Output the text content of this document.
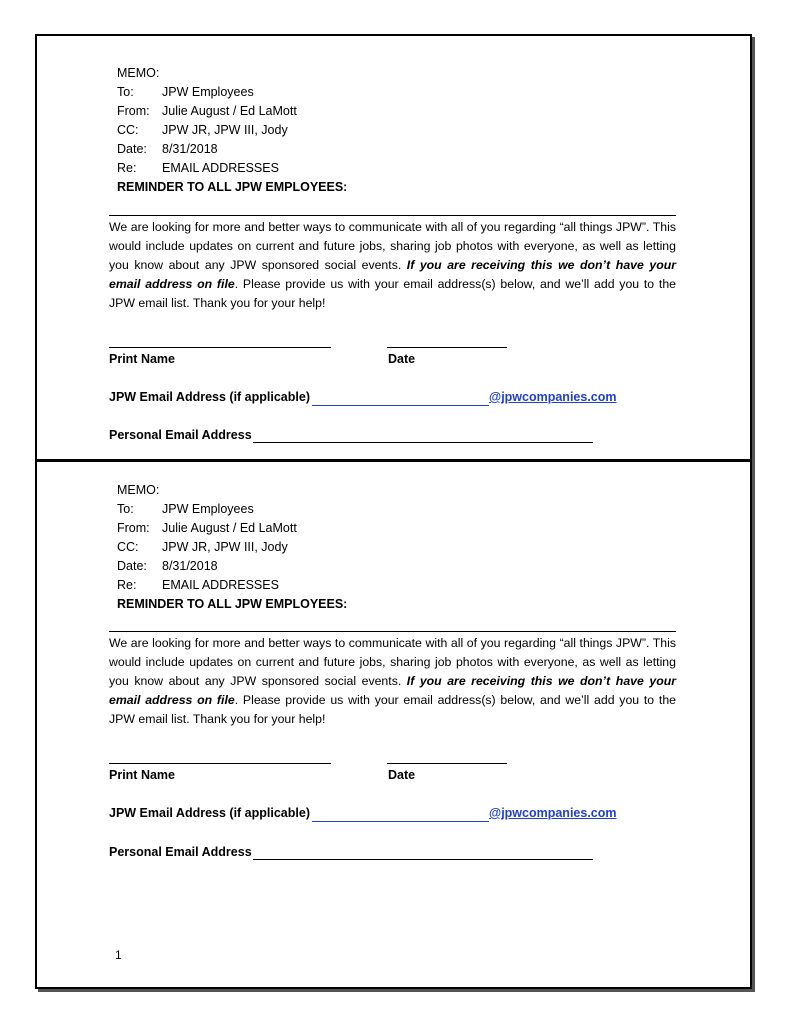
MEMO:
To: JPW Employees
From: Julie August / Ed LaMott
CC: JPW JR, JPW III, Jody
Date: 8/31/2018
Re: EMAIL ADDRESSES
REMINDER TO ALL JPW EMPLOYEES:
We are looking for more and better ways to communicate with all of you regarding “all things JPW”. This would include updates on current and future jobs, sharing job photos with everyone, as well as letting you know about any JPW sponsored social events. If you are receiving this we don’t have your email address on file. Please provide us with your email address(s) below, and we’ll add you to the JPW email list. Thank you for your help!
Print Name	Date
JPW Email Address (if applicable)	@jpwcompanies.com
Personal Email Address
MEMO:
To: JPW Employees
From: Julie August / Ed LaMott
CC: JPW JR, JPW III, Jody
Date: 8/31/2018
Re: EMAIL ADDRESSES
REMINDER TO ALL JPW EMPLOYEES:
We are looking for more and better ways to communicate with all of you regarding “all things JPW”. This would include updates on current and future jobs, sharing job photos with everyone, as well as letting you know about any JPW sponsored social events. If you are receiving this we don’t have your email address on file. Please provide us with your email address(s) below, and we’ll add you to the JPW email list. Thank you for your help!
Print Name	Date
JPW Email Address (if applicable)	@jpwcompanies.com
Personal Email Address
1
